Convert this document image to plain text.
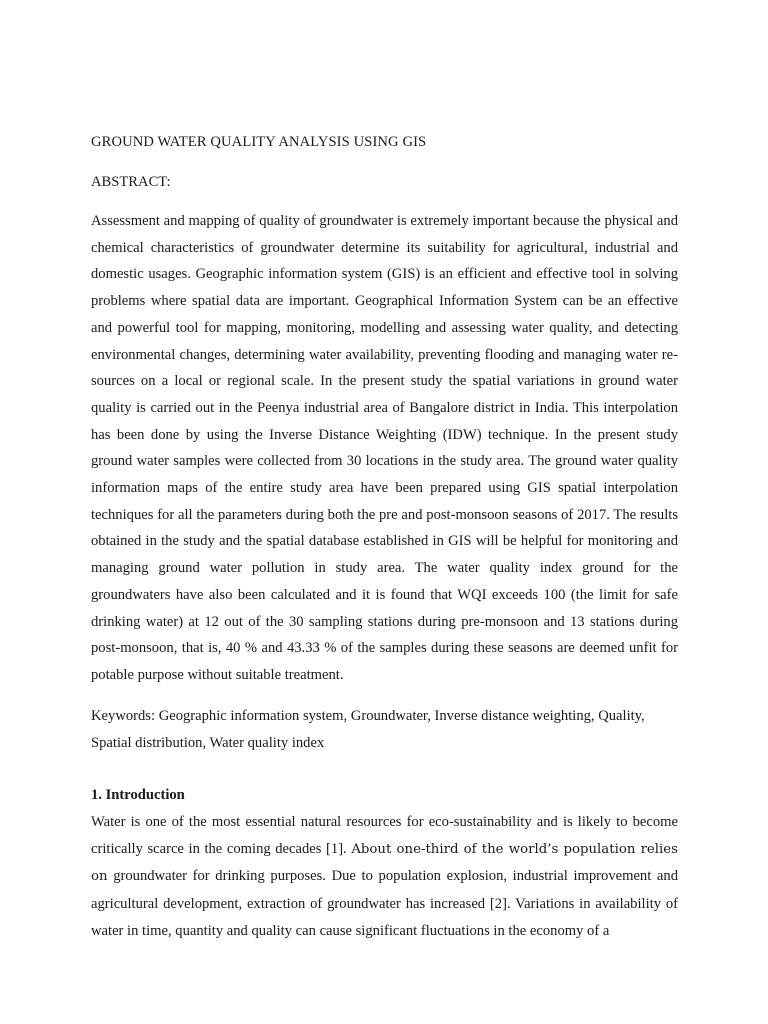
GROUND WATER QUALITY ANALYSIS USING GIS
ABSTRACT:

Assessment and mapping of quality of groundwater is extremely important because the physical and chemical characteristics of groundwater determine its suitability for agricultural, industrial and domestic usages. Geographic information system (GIS) is an efficient and effective tool in solving problems where spatial data are important. Geographical Information System can be an effective and powerful tool for mapping, monitoring, modelling and assessing water quality, and detecting environmental changes, determining water availability, preventing flooding and managing water re-sources on a local or regional scale. In the present study the spatial variations in ground water quality is carried out in the Peenya industrial area of Bangalore district in India. This interpolation has been done by using the Inverse Distance Weighting (IDW) technique. In the present study ground water samples were collected from 30 locations in the study area. The ground water quality information maps of the entire study area have been prepared using GIS spatial interpolation techniques for all the parameters during both the pre and post-monsoon seasons of 2017. The results obtained in the study and the spatial database established in GIS will be helpful for monitoring and managing ground water pollution in study area. The water quality index ground for the groundwaters have also been calculated and it is found that WQI exceeds 100 (the limit for safe drinking water) at 12 out of the 30 sampling stations during pre-monsoon and 13 stations during post-monsoon, that is, 40 % and 43.33 % of the samples during these seasons are deemed unfit for potable purpose without suitable treatment.

Keywords: Geographic information system, Groundwater, Inverse distance weighting, Quality,
Spatial distribution, Water quality index

1. Introduction

Water is one of the most essential natural resources for eco-sustainability and is likely to become critically scarce in the coming decades [1]. About one-third of the world’s population relies on groundwater for drinking purposes. Due to population explosion, industrial improvement and agricultural development, extraction of groundwater has increased [2]. Variations in availability of water in time, quantity and quality can cause significant fluctuations in the economy of a
